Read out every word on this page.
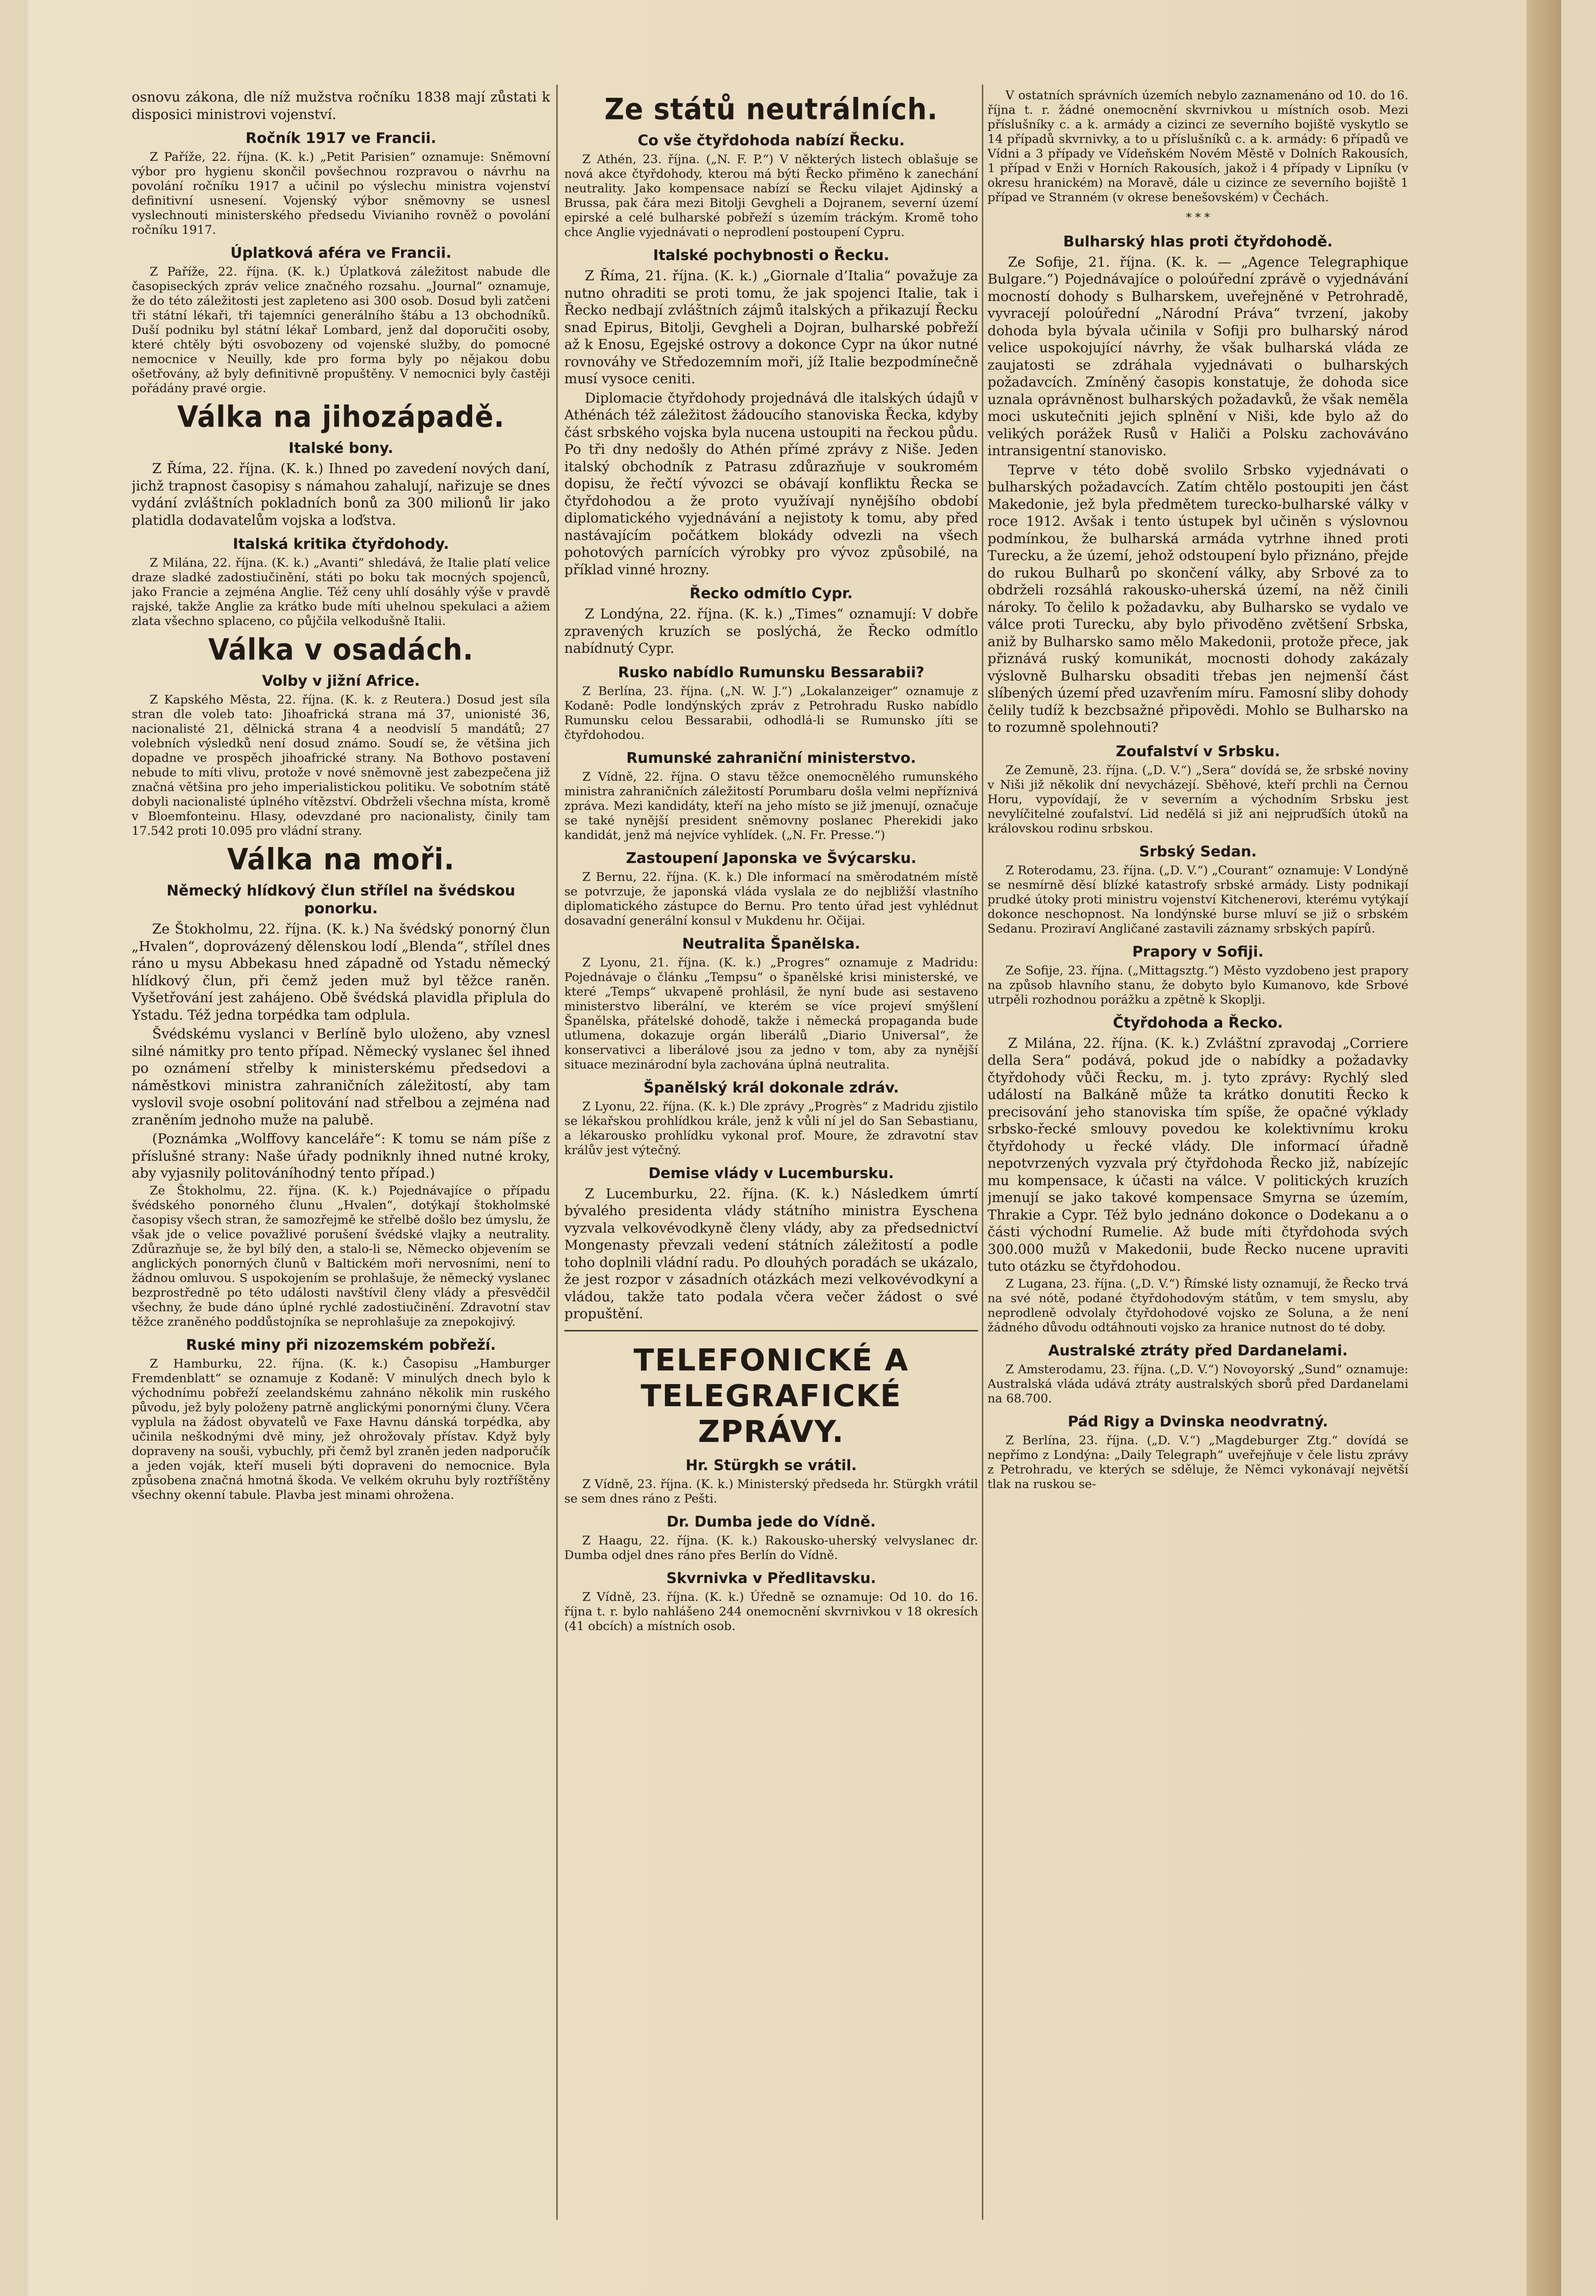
osnovu zákona, dle níž mužstva ročníku 1838 mají zůstati k disposici ministrovi vojenství.

Ročník 1917 ve Francii.

Z Paříže, 22. října. (K. k.) „Petit Parisien“ oznamuje: Sněmovní výbor pro hygienu skončil povšechnou rozpravou o návrhu na povolání ročníku 1917 a učinil po výslechu ministra vojenství definitivní usnesení. Vojenský výbor sněmovny se usnesl vyslechnouti ministerského předsedu Vivianiho rovněž o povolání ročníku 1917.

Úplatková aféra ve Francii.

Z Paříže, 22. října. (K. k.) Úplatková záležitost nabude dle časopiseckých zpráv velice značného rozsahu. „Journal“ oznamuje, že do této záležitosti jest zapleteno asi 300 osob. Dosud byli zatčeni tři státní lékaři, tři tajemníci generálního štábu a 13 obchodníků. Duší podniku byl státní lékař Lombard, jenž dal doporučiti osoby, které chtěly býti osvobozeny od vojenské služby, do pomocné nemocnice v Neuilly, kde pro forma byly po nějakou dobu ošetřovány, až byly definitivně propuštěny. V nemocnici byly častěji pořádány pravé orgie.

Válka na jihozápadě.
Italské bony.

Z Říma, 22. října. (K. k.) Ihned po zavedení nových daní, jichž trapnost časopisy s námahou zahalují, nařizuje se dnes vydání zvláštních pokladních bonů za 300 milionů lir jako platidla dodavatelům vojska a loďstva.

Italská kritika čtyřdohody.

Z Milána, 22. října. (K. k.) „Avanti“ shledává, že Italie platí velice draze sladké zadostiučinění, státi po boku tak mocných spojenců, jako Francie a zejména Anglie. Též ceny uhlí dosáhly výše v pravdě rajské, takže Anglie za krátko bude míti uhelnou spekulaci a ažiem zlata všechno splaceno, co půjčila velkodušně Italii.

Válka v osadách.
Volby v jižní Africe.

Z Kapského Města, 22. října. (K. k. z Reutera.) Dosud jest síla stran dle voleb tato: Jihoafrická strana má 37, unionisté 36, nacionalisté 21, dělnická strana 4 a neodvislí 5 mandátů; 27 volebních výsledků není dosud známo. Soudí se, že většina jich dopadne ve prospěch jihoafrické strany. Na Bothovo postavení nebude to míti vlivu, protože v nové sněmovně jest zabezpečena již značná většina pro jeho imperialistickou politiku. Ve sobotním státě dobyli nacionalisté úplného vítězství. Obdrželi všechna místa, kromě v Bloemfonteinu. Hlasy, odevzdané pro nacionalisty, činily tam 17.542 proti 10.095 pro vládní strany.

Válka na moři.
Německý hlídkový člun střílel na švédskou ponorku.

Ze Štokholmu, 22. října. (K. k.) Na švédský ponorný člun „Hvalen“, doprovázený dělenskou lodí „Blenda“, střílel dnes ráno u mysu Abbekasu hned západně od Ystadu německý hlídkový člun, při čemž jeden muž byl těžce raněn. Vyšetřování jest zahájeno. Obě švédská plavidla připlula do Ystadu. Též jedna torpédka tam odplula.

Švédskému vyslanci v Berlíně bylo uloženo, aby vznesl silné námitky pro tento případ. Německý vyslanec šel ihned po oznámení střelby k ministerskému předsedovi a náměstkovi ministra zahraničních záležitostí, aby tam vyslovil svoje osobní politování nad střelbou a zejména nad zraněním jednoho muže na palubě.

(Poznámka „Wolffovy kanceláře“: K tomu se nám píše z příslušné strany: Naše úřady podniknly ihned nutné kroky, aby vyjasnily politováníhodný tento případ.)

Ze Štokholmu, 22. října. (K. k.) Pojednávajíce o případu švédského ponorného člunu „Hvalen“, dotýkají štokholmské časopisy všech stran, že samozřejmě ke střelbě došlo bez úmyslu, že však jde o velice považlivé porušení švédské vlajky a neutrality. Zdůrazňuje se, že byl bílý den, a stalo-li se, Německo objevením se anglických ponorných člunů v Baltickém moři nervosními, není to žádnou omluvou. S uspokojením se prohlašuje, že německý vyslanec bezprostředně po této události navštívil členy vlády a přesvědčil všechny, že bude dáno úplné rychlé zadostiučinění. Zdravotní stav těžce zraněného poddůstojníka se neprohlašuje za znepokojivý.

Ruské miny při nizozemském pobřeží.

Z Hamburku, 22. října. (K. k.) Časopisu „Hamburger Fremdenblatt“ se oznamuje z Kodaně: V minulých dnech bylo k východnímu pobřeží zeelandskému zahnáno několik min ruského původu, jež byly položeny patrně anglickými ponornými čluny. Včera vyplula na žádost obyvatelů ve Faxe Havnu dánská torpédka, aby učinila neškodnými dvě miny, jež ohrožovaly přístav. Když byly dopraveny na souši, vybuchly, při čemž byl zraněn jeden nadporučík a jeden voják, kteří museli býti dopraveni do nemocnice. Byla způsobena značná hmotná škoda. Ve velkém okruhu byly roztříštěny všechny okenní tabule. Plavba jest minami ohrožena.

Ze států neutrálních.
Co vše čtyřdohoda nabízí Řecku.

Z Athén, 23. října. („N. F. P.“) V některých listech oblašuje se nová akce čtyřdohody, kterou má býti Řecko přiměno k zanechání neutrality. Jako kompensace nabízí se Řecku vilajet Ajdinský a Brussa, pak čára mezi Bitolji Gevgheli a Dojranem, severní území epirské a celé bulharské pobřeží s územím tráckým. Kromě toho chce Anglie vyjednávati o neprodlení postoupení Cypru.

Italské pochybnosti o Řecku.

Z Říma, 21. října. (K. k.) „Giornale d’Italia“ považuje za nutno ohraditi se proti tomu, že jak spojenci Italie, tak i Řecko nedbají zvláštních zájmů italských a přikazují Řecku snad Epirus, Bitolji, Gevgheli a Dojran, bulharské pobřeží až k Enosu, Egejské ostrovy a dokonce Cypr na úkor nutné rovnováhy ve Středozemním moři, jíž Italie bezpodmínečně musí vysoce ceniti.

Diplomacie čtyřdohody projednává dle italských údajů v Athénách též záležitost žádoucího stanoviska Řecka, kdyby část srbského vojska byla nucena ustoupiti na řeckou půdu. Po tři dny nedošly do Athén přímé zprávy z Niše. Jeden italský obchodník z Patrasu zdůrazňuje v soukromém dopisu, že řečtí vývozci se obávají konfliktu Řecka se čtyřdohodou a že proto využívají nynějšího období diplomatického vyjednávání a nejistoty k tomu, aby před nastávajícím počátkem blokády odvezli na všech pohotových parnících výrobky pro vývoz způsobilé, na příklad vinné hrozny.

Řecko odmítlo Cypr.

Z Londýna, 22. října. (K. k.) „Times“ oznamují: V dobře zpravených kruzích se poslýchá, že Řecko odmítlo nabídnutý Cypr.

Rusko nabídlo Rumunsku Bessarabii?

Z Berlína, 23. října. („N. W. J.“) „Lokalanzeiger“ oznamuje z Kodaně: Podle londýnských zpráv z Petrohradu Rusko nabídlo Rumunsku celou Bessarabii, odhodlá-li se Rumunsko jíti se čtyřdohodou.

Rumunské zahraniční ministerstvo.

Z Vídně, 22. října. O stavu těžce onemocnělého rumunského ministra zahraničních záležitostí Porumbaru došla velmi nepříznivá zpráva. Mezi kandidáty, kteří na jeho místo se již jmenují, označuje se také nynější president sněmovny poslanec Pherekidi jako kandidát, jenž má nejvíce vyhlídek. („N. Fr. Presse.“)

Zastoupení Japonska ve Švýcarsku.

Z Bernu, 22. října. (K. k.) Dle informací na směrodatném místě se potvrzuje, že japonská vláda vyslala ze do nejbližší vlastního diplomatického zástupce do Bernu. Pro tento úřad jest vyhlédnut dosavadní generální konsul v Mukdenu hr. Očijai.

Neutralita Španělska.

Z Lyonu, 21. října. (K. k.) „Progres“ oznamuje z Madridu: Pojednávaje o článku „Tempsu“ o španělské krisi ministerské, ve které „Temps“ ukvapeně prohlásil, že nyní bude asi sestaveno ministerstvo liberální, ve kterém se více projeví smýšlení Španělska, přátelské dohodě, takže i německá propaganda bude utlumena, dokazuje orgán liberálů „Diario Universal“, že konservativci a liberálové jsou za jedno v tom, aby za nynější situace mezinárodní byla zachována úplná neutralita.

Španělský král dokonale zdráv.

Z Lyonu, 22. října. (K. k.) Dle zprávy „Progrès“ z Madridu zjistilo se lékařskou prohlídkou krále, jenž k vůli ní jel do San Sebastianu, a lékarousko prohlídku vykonal prof. Moure, že zdravotní stav králův jest výtečný.

Demise vlády v Lucembursku.

Z Lucemburku, 22. října. (K. k.) Následkem úmrtí bývalého presidenta vlády státního ministra Eyschena vyzvala velkovévodkyně členy vlády, aby za předsednictví Mongenasty převzali vedení státních záležitostí a podle toho doplnili vládní radu. Po dlouhých poradách se ukázalo, že jest rozpor v zásadních otázkách mezi velkovévodkyní a vládou, takže tato podala včera večer žádost o své propuštění.

TELEFONICKÉ A TELEGRAFICKÉ ZPRÁVY.
Hr. Stürgkh se vrátil.

Z Vídně, 23. října. (K. k.) Ministerský předseda hr. Stürgkh vrátil se sem dnes ráno z Pešti.

Dr. Dumba jede do Vídně.

Z Haagu, 22. října. (K. k.) Rakousko-uherský velvyslanec dr. Dumba odjel dnes ráno přes Berlín do Vídně.

Skvrnivka v Předlitavsku.

Z Vídně, 23. října. (K. k.) Úředně se oznamuje: Od 10. do 16. října t. r. bylo nahlášeno 244 onemocnění skvrnivkou v 18 okresích (41 obcích) a místních osob.

V ostatních správních územích nebylo zaznamenáno od 10. do 16. října t. r. žádné onemocnění skvrnivkou u místních osob. Mezi příslušníky c. a k. armády a cizinci ze severního bojiště vyskytlo se 14 případů skvrnivky, a to u příslušníků c. a k. armády: 6 případů ve Vídni a 3 případy ve Vídeňském Novém Městě v Dolních Rakousích, 1 případ v Enži v Horních Rakousích, jakož i 4 případy v Lipníku (v okresu hranickém) na Moravě, dále u cizince ze severního bojiště 1 případ ve Stranném (v okrese benešovském) v Čechách.

* * *
Bulharský hlas proti čtyřdohodě.

Ze Sofije, 21. října. (K. k. — „Agence Telegraphique Bulgare.“) Pojednávajíce o poloúřední zprávě o vyjednávání mocností dohody s Bulharskem, uveřejněné v Petrohradě, vyvracejí poloúřední „Národní Práva“ tvrzení, jakoby dohoda byla bývala učinila v Sofiji pro bulharský národ velice uspokojující návrhy, že však bulharská vláda ze zaujatosti se zdráhala vyjednávati o bulharských požadavcích. Zmíněný časopis konstatuje, že dohoda sice uznala oprávněnost bulharských požadavků, že však neměla moci uskutečniti jejich splnění v Niši, kde bylo až do velikých porážek Rusů v Haliči a Polsku zachováváno intransigentní stanovisko.

Teprve v této době svolilo Srbsko vyjednávati o bulharských požadavcích. Zatím chtělo postoupiti jen část Makedonie, jež byla předmětem turecko-bulharské války v roce 1912. Avšak i tento ústupek byl učiněn s výslovnou podmínkou, že bulharská armáda vytrhne ihned proti Turecku, a že území, jehož odstoupení bylo přiznáno, přejde do rukou Bulharů po skončení války, aby Srbové za to obdrželi rozsáhlá rakousko-uherská území, na něž činili nároky. To čelilo k požadavku, aby Bulharsko se vydalo ve válce proti Turecku, aby bylo přivoděno zvětšení Srbska, aniž by Bulharsko samo mělo Makedonii, protože přece, jak přiznává ruský komunikát, mocnosti dohody zakázaly výslovně Bulharsku obsaditi třebas jen nejmenší část slíbených území před uzavřením míru. Famosní sliby dohody čelily tudíž k bezcbsažné připovědi. Mohlo se Bulharsko na to rozumně spolehnouti?

Zoufalství v Srbsku.

Ze Zemuně, 23. října. („D. V.“) „Sera“ dovídá se, že srbské noviny v Niši již několik dní nevycházejí. Sběhové, kteří prchli na Černou Horu, vypovídají, že v severním a východním Srbsku jest nevylíčitelné zoufalství. Lid nedělá si již ani nejpruďších útoků na královskou rodinu srbskou.

Srbský Sedan.

Z Roterodamu, 23. října. („D. V.“) „Courant“ oznamuje: V Londýně se nesmírně děsí blízké katastrofy srbské armády. Listy podnikají prudké útoky proti ministru vojenství Kitchenerovi, kterému vytýkají dokonce neschopnost. Na londýnské burse mluví se již o srbském Sedanu. Proziraví Angličané zastavili záznamy srbských papírů.

Prapory v Sofiji.

Ze Sofije, 23. října. („Mittagsztg.“) Město vyzdobeno jest prapory na způsob hlavního stanu, že dobyto bylo Kumanovo, kde Srbové utrpěli rozhodnou porážku a zpětně k Skoplji.

Čtyřdohoda a Řecko.

Z Milána, 22. října. (K. k.) Zvláštní zpravodaj „Corriere della Sera“ podává, pokud jde o nabídky a požadavky čtyřdohody vůči Řecku, m. j. tyto zprávy: Rychlý sled událostí na Balkáně může ta krátko donutiti Řecko k precisování jeho stanoviska tím spíše, že opačné výklady srbsko-řecké smlouvy povedou ke kolektivnímu kroku čtyřdohody u řecké vlády. Dle informací úřadně nepotvrzených vyzvala prý čtyřdohoda Řecko již, nabízejíc mu kompensace, k účasti na válce. V politických kruzích jmenují se jako takové kompensace Smyrna se územím, Thrakie a Cypr. Též bylo jednáno dokonce o Dodekanu a o části východní Rumelie. Až bude míti čtyřdohoda svých 300.000 mužů v Makedonii, bude Řecko nucene upraviti tuto otázku se čtyřdohodou.

Z Lugana, 23. října. („D. V.“) Římské listy oznamují, že Řecko trvá na své nótě, podané čtyřdohodovým státům, v tem smyslu, aby neprodleně odvolaly čtyřdohodové vojsko ze Soluna, a že není žádného důvodu odtáhnouti vojsko za hranice nutnost do té doby.

Australské ztráty před Dardanelami.

Z Amsterodamu, 23. října. („D. V.“) Novoyorský „Sund“ oznamuje: Australská vláda udává ztráty australských sborů před Dardanelami na 68.700.

Pád Rigy a Dvinska neodvratný.

Z Berlína, 23. října. („D. V.“) „Magdeburger Ztg.“ dovídá se nepřímo z Londýna: „Daily Telegraph“ uveřejňuje v čele listu zprávy z Petrohradu, ve kterých se sděluje, že Němci vykonávají největší tlak na ruskou se-
